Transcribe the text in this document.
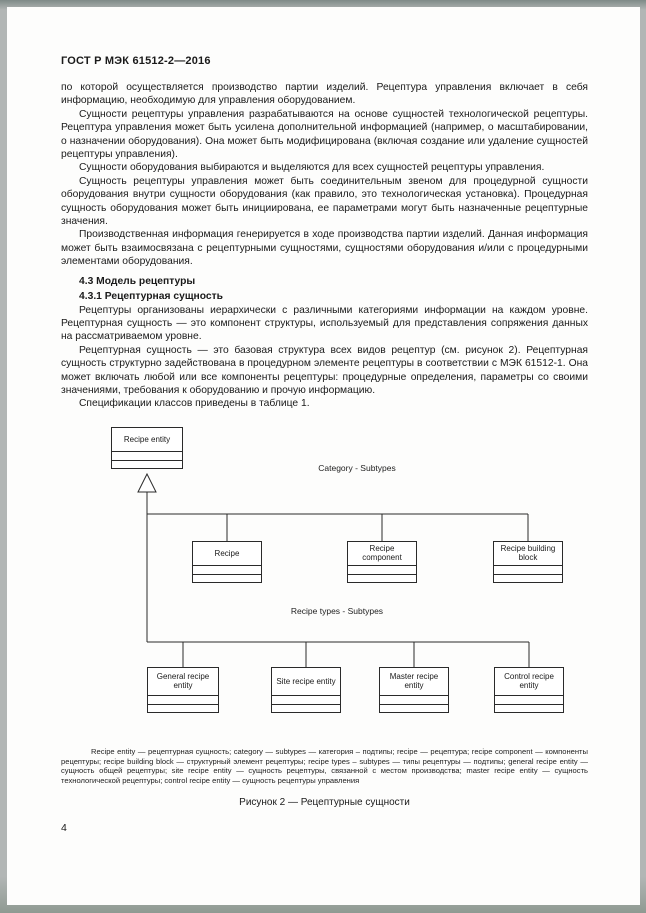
ГОСТ Р МЭК 61512-2—2016

по которой осуществляется производство партии изделий. Рецептура управления включает в себя информацию, необходимую для управления оборудованием.

Сущности рецептуры управления разрабатываются на основе сущностей технологической рецептуры. Рецептура управления может быть усилена дополнительной информацией (например, о масштабировании, о назначении оборудования). Она может быть модифицирована (включая создание или удаление сущностей рецептуры управления).

Сущности оборудования выбираются и выделяются для всех сущностей рецептуры управления.

Сущность рецептуры управления может быть соединительным звеном для процедурной сущности оборудования внутри сущности оборудования (как правило, это технологическая установка). Процедурная сущность оборудования может быть инициирована, ее параметрами могут быть назначенные рецептурные значения.

Производственная информация генерируется в ходе производства партии изделий. Данная информация может быть взаимосвязана с рецептурными сущностями, сущностями оборудования и/или с процедурными элементами оборудования.

4.3 Модель рецептуры
4.3.1 Рецептурная сущность

Рецептуры организованы иерархически с различными категориями информации на каждом уровне. Рецептурная сущность — это компонент структуры, используемый для представления сопряжения данных на рассматриваемом уровне.

Рецептурная сущность — это базовая структура всех видов рецептур (см. рисунок 2). Рецептурная сущность структурно задействована в процедурном элементе рецептуры в соответствии с МЭК 61512-1. Она может включать любой или все компоненты рецептуры: процедурные определения, параметры со своими значениями, требования к оборудованию и прочую информацию.

Спецификации классов приведены в таблице 1.

Recipe entity
Category - Subtypes
Recipe
Recipe component
Recipe building block
Recipe types - Subtypes
General recipe entity
Site recipe entity
Master recipe entity
Control recipe entity
Recipe entity — рецептурная сущность; category — subtypes — категория – подтипы; recipe — рецептура; recipe component — компоненты рецептуры; recipe building block — структурный элемент рецептуры; recipe types – subtypes — типы рецептуры — подтипы; general recipe entity — сущность общей рецептуры; site recipe entity — сущность рецептуры, связанной с местом производства; master recipe entity — сущность технологической рецептуры; control recipe entity — сущность рецептуры управления
Рисунок 2 — Рецептурные сущности
4
